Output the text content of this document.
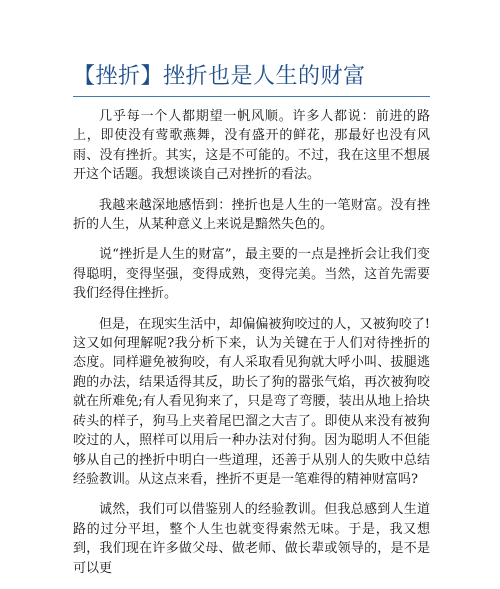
【挫折】挫折也是人生的财富

几乎每一个人都期望一帆风顺。许多人都说：前进的路上，即使没有莺歌燕舞，没有盛开的鲜花，那最好也没有风雨、没有挫折。其实，这是不可能的。不过，我在这里不想展开这个话题。我想谈谈自己对挫折的看法。

我越来越深地感悟到：挫折也是人生的一笔财富。没有挫折的人生，从某种意义上来说是黯然失色的。

说“挫折是人生的财富”，最主要的一点是挫折会让我们变得聪明，变得坚强，变得成熟，变得完美。当然，这首先需要我们经得住挫折。

但是，在现实生活中，却偏偏被狗咬过的人，又被狗咬了!这又如何理解呢?我分析下来，认为关键在于人们对待挫折的态度。同样避免被狗咬，有人采取看见狗就大呼小叫、拔腿逃跑的办法，结果适得其反，助长了狗的嚣张气焰，再次被狗咬就在所难免;有人看见狗来了，只是弯了弯腰，装出从地上拾块砖头的样子，狗马上夹着尾巴溜之大吉了。即使从来没有被狗咬过的人，照样可以用后一种办法对付狗。因为聪明人不但能够从自己的挫折中明白一些道理，还善于从别人的失败中总结经验教训。从这点来看，挫折不更是一笔难得的精神财富吗?

诚然，我们可以借鉴别人的经验教训。但我总感到人生道路的过分平坦，整个人生也就变得索然无味。于是，我又想到，我们现在许多做父母、做老师、做长辈或领导的，是不是可以更
